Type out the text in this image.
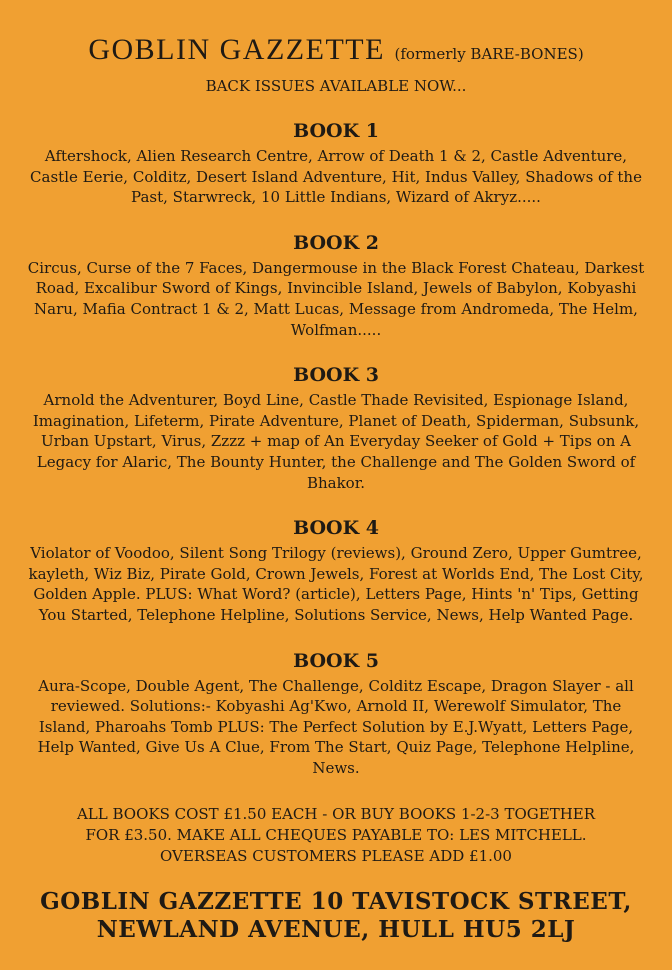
GOBLIN GAZZETTE (formerly BARE-BONES)
BACK ISSUES AVAILABLE NOW...
BOOK 1
Aftershock, Alien Research Centre, Arrow of Death 1 & 2, Castle Adventure, Castle Eerie, Colditz, Desert Island Adventure, Hit, Indus Valley, Shadows of the Past, Starwreck, 10 Little Indians, Wizard of Akryz.....
BOOK 2
Circus, Curse of the 7 Faces, Dangermouse in the Black Forest Chateau, Darkest Road, Excalibur Sword of Kings, Invincible Island, Jewels of Babylon, Kobyashi Naru, Mafia Contract 1 & 2, Matt Lucas, Message from Andromeda, The Helm, Wolfman.....
BOOK 3
Arnold the Adventurer, Boyd Line, Castle Thade Revisited, Espionage Island, Imagination, Lifeterm, Pirate Adventure, Planet of Death, Spiderman, Subsunk, Urban Upstart, Virus, Zzzz + map of An Everyday Seeker of Gold + Tips on A Legacy for Alaric, The Bounty Hunter, the Challenge and The Golden Sword of Bhakor.
BOOK 4
Violator of Voodoo, Silent Song Trilogy (reviews), Ground Zero, Upper Gumtree, kayleth, Wiz Biz, Pirate Gold, Crown Jewels, Forest at Worlds End, The Lost City, Golden Apple. PLUS: What Word? (article), Letters Page, Hints 'n' Tips, Getting You Started, Telephone Helpline, Solutions Service, News, Help Wanted Page.
BOOK 5
Aura-Scope, Double Agent, The Challenge, Colditz Escape, Dragon Slayer - all reviewed. Solutions:- Kobyashi Ag'Kwo, Arnold II, Werewolf Simulator, The Island, Pharoahs Tomb PLUS: The Perfect Solution by E.J.Wyatt, Letters Page, Help Wanted, Give Us A Clue, From The Start, Quiz Page, Telephone Helpline, News.
ALL BOOKS COST £1.50 EACH - OR BUY BOOKS 1-2-3 TOGETHER
FOR £3.50. MAKE ALL CHEQUES PAYABLE TO: LES MITCHELL.
OVERSEAS CUSTOMERS PLEASE ADD £1.00
GOBLIN GAZZETTE 10 TAVISTOCK STREET,
NEWLAND AVENUE, HULL HU5 2LJ
